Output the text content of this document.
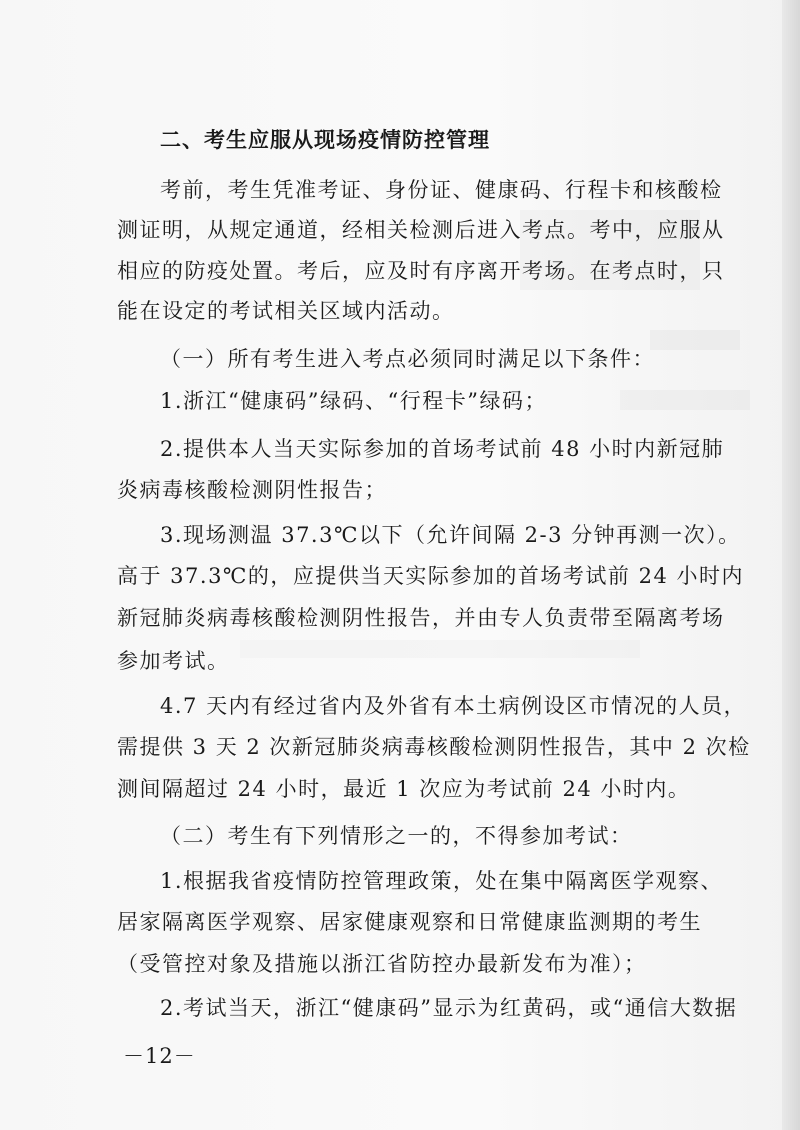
二、考生应服从现场疫情防控管理
考前，考生凭准考证、身份证、健康码、行程卡和核酸检
测证明，从规定通道，经相关检测后进入考点。考中，应服从
相应的防疫处置。考后，应及时有序离开考场。在考点时，只
能在设定的考试相关区域内活动。
（一）所有考生进入考点必须同时满足以下条件：
1.浙江“健康码”绿码、“行程卡”绿码；
2.提供本人当天实际参加的首场考试前 48 小时内新冠肺
炎病毒核酸检测阴性报告；
3.现场测温 37.3℃以下（允许间隔 2-3 分钟再测一次）。
高于 37.3℃的，应提供当天实际参加的首场考试前 24 小时内
新冠肺炎病毒核酸检测阴性报告，并由专人负责带至隔离考场
参加考试。
4.7 天内有经过省内及外省有本土病例设区市情况的人员，
需提供 3 天 2 次新冠肺炎病毒核酸检测阴性报告，其中 2 次检
测间隔超过 24 小时，最近 1 次应为考试前 24 小时内。
（二）考生有下列情形之一的，不得参加考试：
1.根据我省疫情防控管理政策，处在集中隔离医学观察、
居家隔离医学观察、居家健康观察和日常健康监测期的考生
（受管控对象及措施以浙江省防控办最新发布为准）；
2.考试当天，浙江“健康码”显示为红黄码，或“通信大数据
－12－
